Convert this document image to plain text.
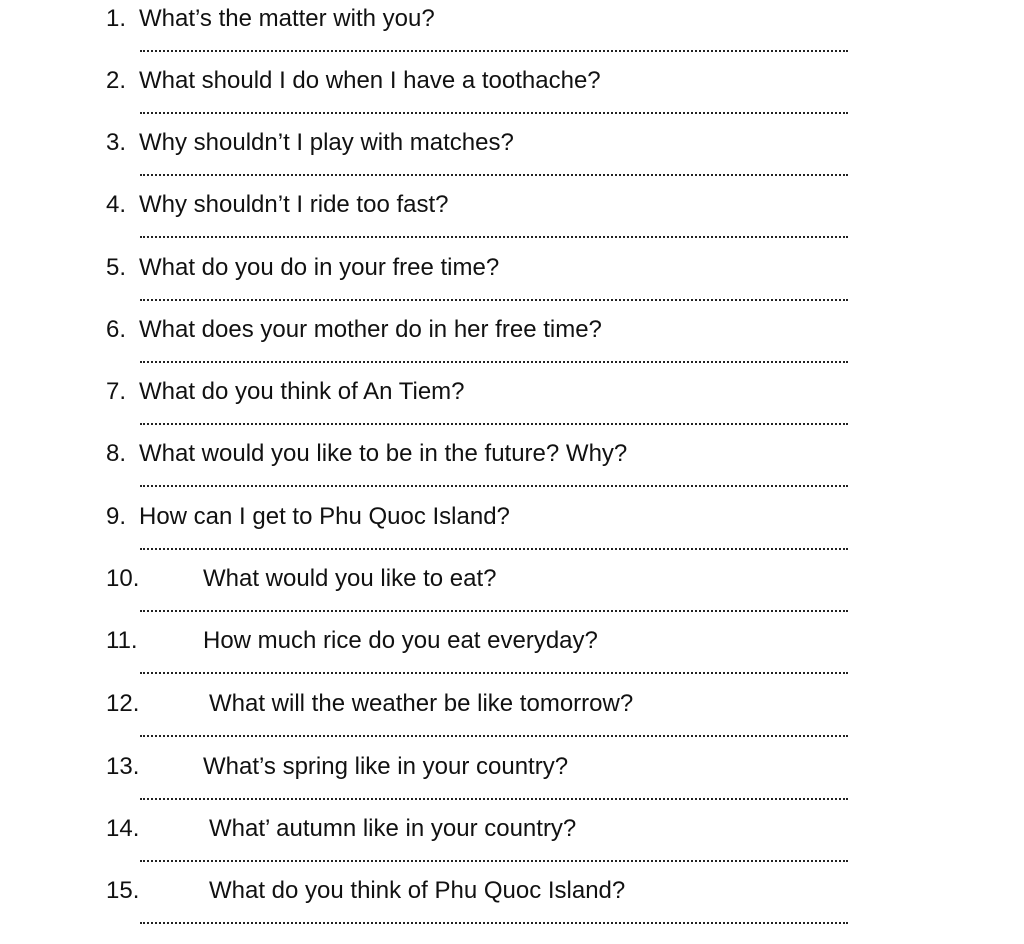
1. What’s the matter with you?
2. What should I do when I have a toothache?
3. Why shouldn’t I play with matches?
4. Why shouldn’t I ride too fast?
5. What do you do in your free time?
6. What does your mother do in her free time?
7. What do you think of An Tiem?
8. What would you like to be in the future? Why?
9. How can I get to Phu Quoc Island?
10.	What would you like to eat?
11.	How much rice do you eat everyday?
12.	What will the weather be like tomorrow?
13.	What’s spring like in your country?
14.	What’ autumn like in your country?
15.	What do you think of Phu Quoc Island?
